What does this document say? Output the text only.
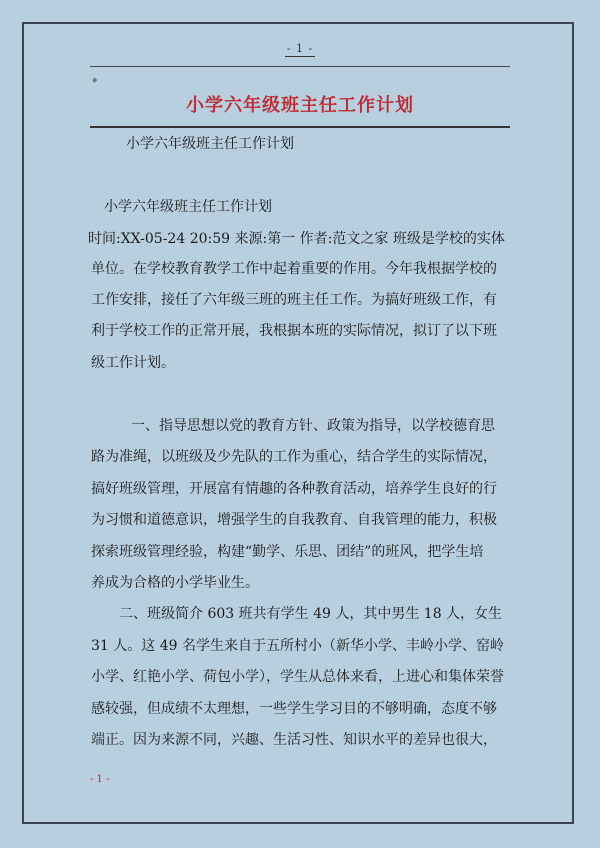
- 1 -
◆
小学六年级班主任工作计划
小学六年级班主任工作计划
小学六年级班主任工作计划
时间:XX-05-24 20:59 来源:第一 作者:范文之家 班级是学校的实体
单位。在学校教育教学工作中起着重要的作用。今年我根据学校的
工作安排，接任了六年级三班的班主任工作。为搞好班级工作，有
利于学校工作的正常开展，我根据本班的实际情况，拟订了以下班
级工作计划。
一、指导思想以党的教育方针、政策为指导，以学校德育思
路为准绳，以班级及少先队的工作为重心，结合学生的实际情况，
搞好班级管理，开展富有情趣的各种教育活动，培养学生良好的行
为习惯和道德意识，增强学生的自我教育、自我管理的能力，积极
探索班级管理经验，构建“勤学、乐思、团结”的班风，把学生培
养成为合格的小学毕业生。
二、班级简介 603 班共有学生 49 人，其中男生 18 人，女生
31 人。这 49 名学生来自于五所村小（新华小学、丰岭小学、窑岭
小学、红艳小学、荷包小学），学生从总体来看，上进心和集体荣誉
感较强，但成绩不太理想，一些学生学习目的不够明确，态度不够
端正。因为来源不同，兴趣、生活习性、知识水平的差异也很大，
- 1 -
